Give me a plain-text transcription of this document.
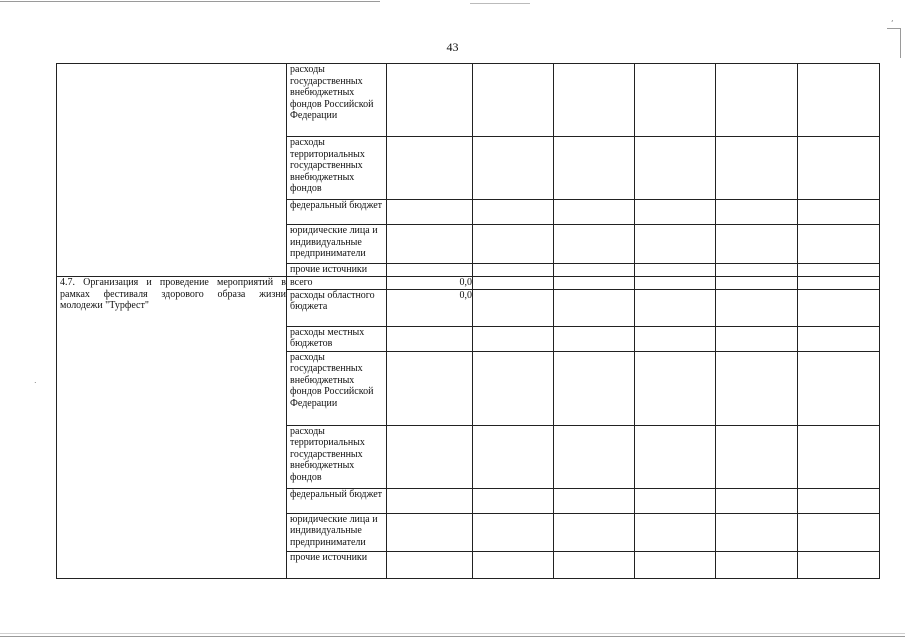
43
	расходы государственных внебюджетных фондов Российской Федерации						
	расходы территориальных государственных внебюджетных фондов						
	федеральный бюджет						
	юридические лица и индивидуальные предприниматели						
	прочие источники						
4.7. Организация и проведение мероприятий в рамках фестиваля здорового образа жизни молодежи "Турфест"	всего	0,0					
	расходы областного бюджета	0,0					
	расходы местных бюджетов						
	расходы государственных внебюджетных фондов Российской Федерации						
	расходы территориальных государственных внебюджетных фондов						
	федеральный бюджет						
	юридические лица и индивидуальные предприниматели						
	прочие источники						
,
.
